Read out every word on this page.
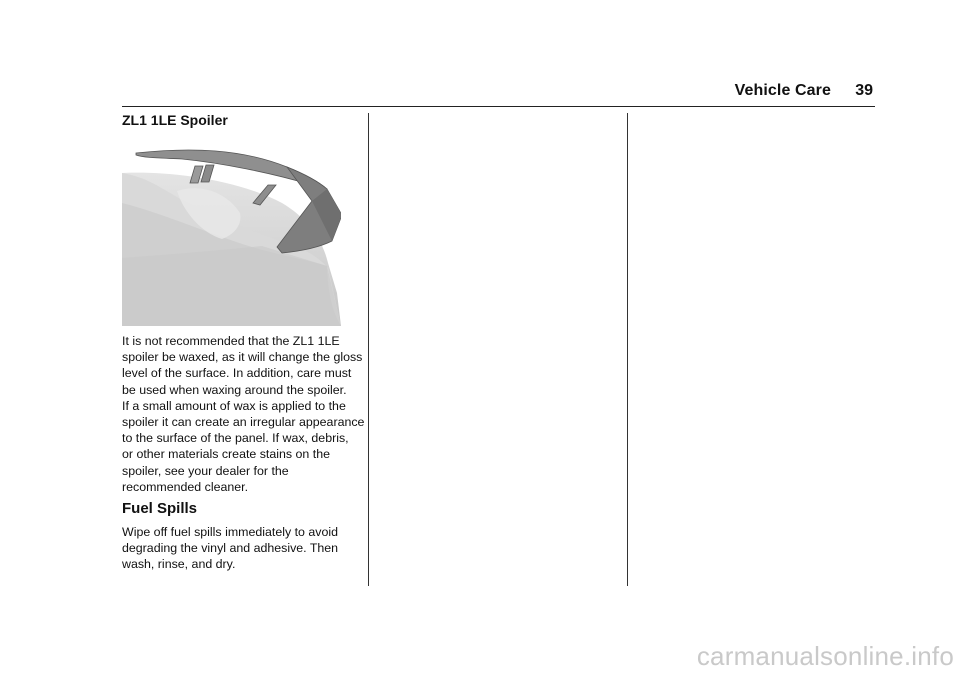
Vehicle Care 39
ZL1 1LE Spoiler

It is not recommended that the ZL1 1LE
spoiler be waxed, as it will change the gloss
level of the surface. In addition, care must
be used when waxing around the spoiler.
If a small amount of wax is applied to the
spoiler it can create an irregular appearance
to the surface of the panel. If wax, debris,
or other materials create stains on the
spoiler, see your dealer for the
recommended cleaner.

Fuel Spills

Wipe off fuel spills immediately to avoid
degrading the vinyl and adhesive. Then
wash, rinse, and dry.

carmanualsonline.info
